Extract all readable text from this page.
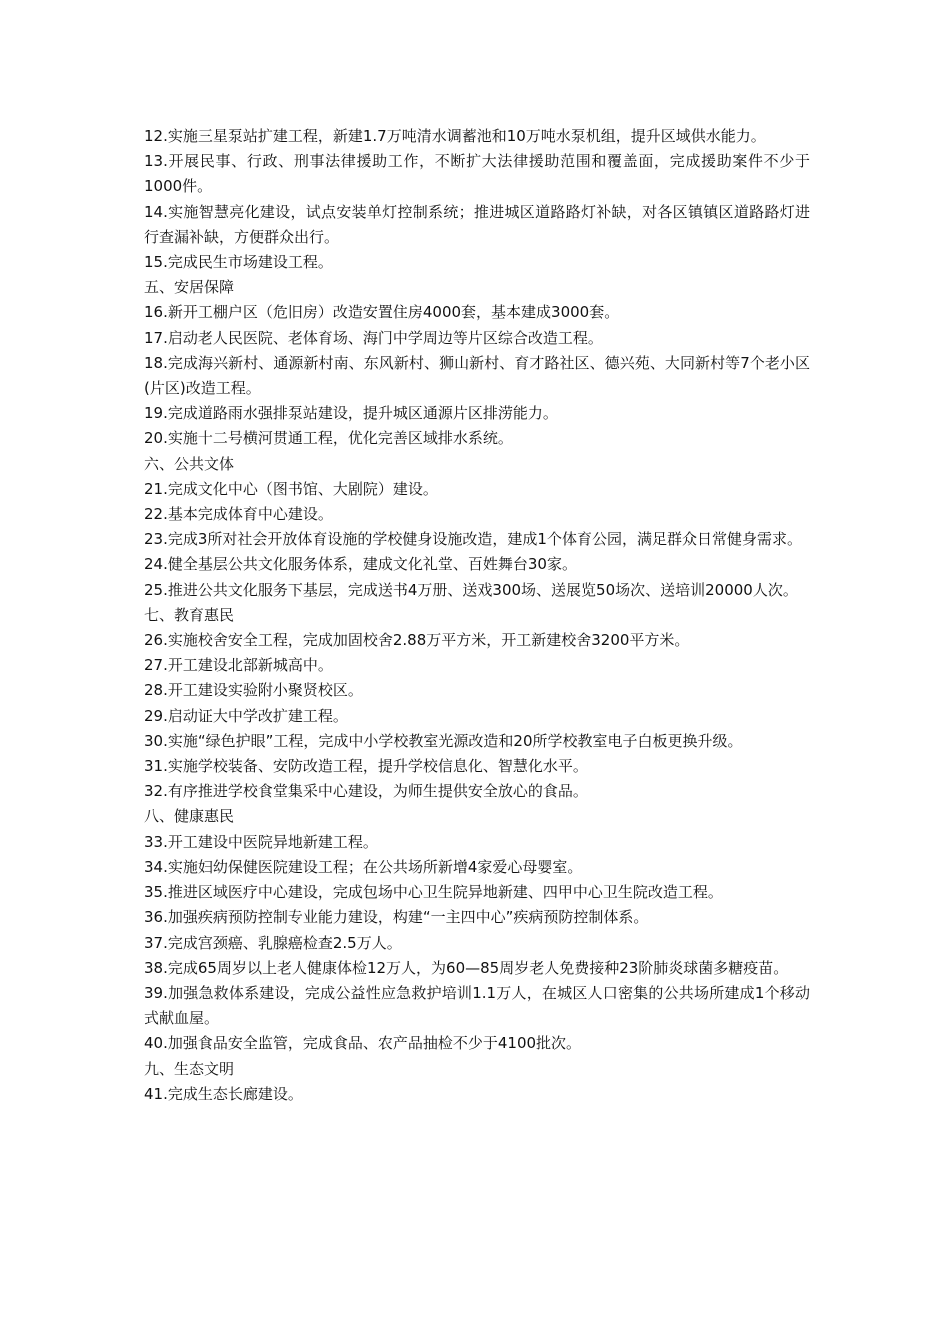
12.实施三星泵站扩建工程，新建1.7万吨清水调蓄池和10万吨水泵机组，提升区域供水能力。

13.开展民事、行政、刑事法律援助工作，不断扩大法律援助范围和覆盖面，完成援助案件不少于1000件。

14.实施智慧亮化建设，试点安装单灯控制系统；推进城区道路路灯补缺，对各区镇镇区道路路灯进行查漏补缺，方便群众出行。

15.完成民生市场建设工程。

五、安居保障

16.新开工棚户区（危旧房）改造安置住房4000套，基本建成3000套。

17.启动老人民医院、老体育场、海门中学周边等片区综合改造工程。

18.完成海兴新村、通源新村南、东风新村、狮山新村、育才路社区、德兴苑、大同新村等7个老小区(片区)改造工程。

19.完成道路雨水强排泵站建设，提升城区通源片区排涝能力。

20.实施十二号横河贯通工程，优化完善区域排水系统。

六、公共文体

21.完成文化中心（图书馆、大剧院）建设。

22.基本完成体育中心建设。

23.完成3所对社会开放体育设施的学校健身设施改造，建成1个体育公园，满足群众日常健身需求。

24.健全基层公共文化服务体系，建成文化礼堂、百姓舞台30家。

25.推进公共文化服务下基层，完成送书4万册、送戏300场、送展览50场次、送培训20000人次。

七、教育惠民

26.实施校舍安全工程，完成加固校舍2.88万平方米，开工新建校舍3200平方米。

27.开工建设北部新城高中。

28.开工建设实验附小聚贤校区。

29.启动证大中学改扩建工程。

30.实施“绿色护眼”工程，完成中小学校教室光源改造和20所学校教室电子白板更换升级。

31.实施学校装备、安防改造工程，提升学校信息化、智慧化水平。

32.有序推进学校食堂集采中心建设，为师生提供安全放心的食品。

八、健康惠民

33.开工建设中医院异地新建工程。

34.实施妇幼保健医院建设工程；在公共场所新增4家爱心母婴室。

35.推进区域医疗中心建设，完成包场中心卫生院异地新建、四甲中心卫生院改造工程。

36.加强疾病预防控制专业能力建设，构建“一主四中心”疾病预防控制体系。

37.完成宫颈癌、乳腺癌检查2.5万人。

38.完成65周岁以上老人健康体检12万人，为60—85周岁老人免费接种23阶肺炎球菌多糖疫苗。

39.加强急救体系建设，完成公益性应急救护培训1.1万人，在城区人口密集的公共场所建成1个移动式献血屋。

40.加强食品安全监管，完成食品、农产品抽检不少于4100批次。

九、生态文明

41.完成生态长廊建设。
